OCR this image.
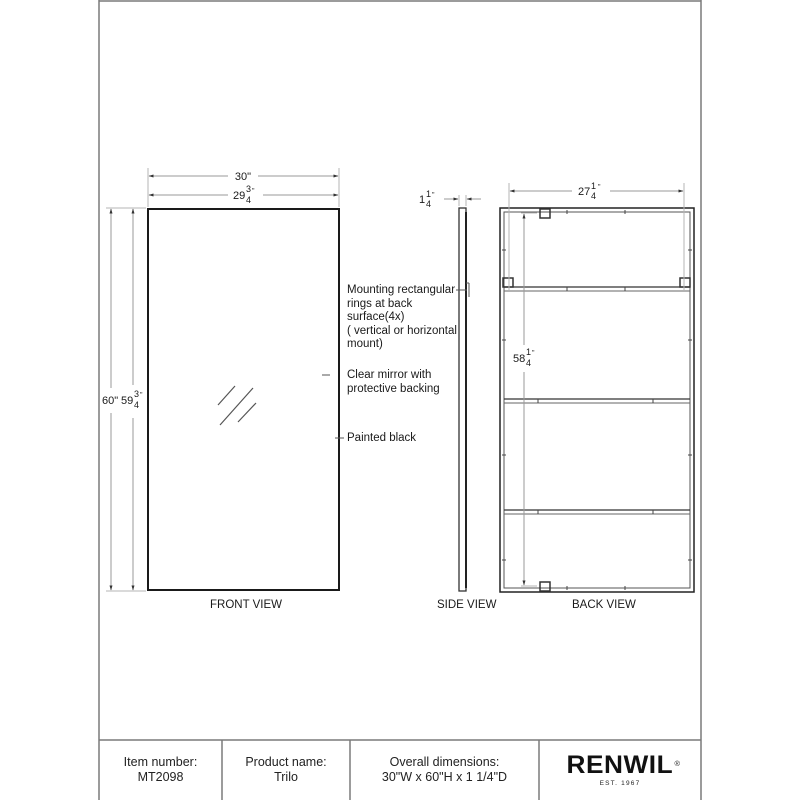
30"
29
3
4
"
60" 59
3
4
"
1 1
4
"	27 1
4
"
58
1
4
"
Mounting rectangular
rings at back
surface(4x)
( vertical or horizontal
mount)
Clear mirror with
protective backing
Painted black
FRONT VIEW	SIDE VIEW	BACK VIEW
Item number:
MT2098
Product name:
Trilo
Overall dimensions:
30"W x 60"H x 1 1/4"D RENWIL ®
EST. 1967
